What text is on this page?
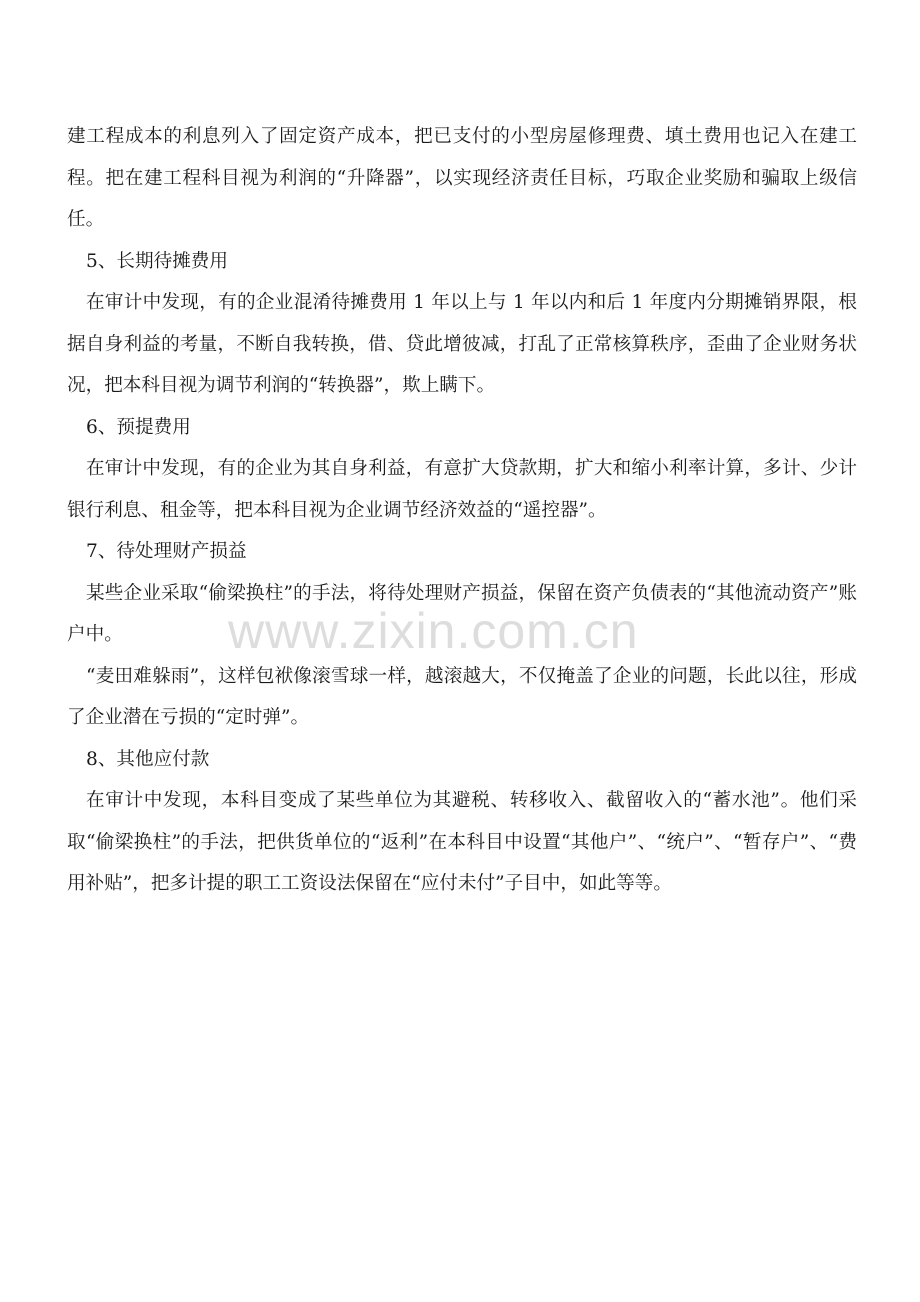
建工程成本的利息列入了固定资产成本，把已支付的小型房屋修理费、填土费用也记入在建工程。把在建工程科目视为利润的“升降器”，以实现经济责任目标，巧取企业奖励和骗取上级信任。

5、长期待摊费用

在审计中发现，有的企业混淆待摊费用 1 年以上与 1 年以内和后 1 年度内分期摊销界限，根据自身利益的考量，不断自我转换，借、贷此增彼减，打乱了正常核算秩序，歪曲了企业财务状况，把本科目视为调节利润的“转换器”，欺上瞒下。

6、预提费用

在审计中发现，有的企业为其自身利益，有意扩大贷款期，扩大和缩小利率计算，多计、少计银行利息、租金等，把本科目视为企业调节经济效益的“遥控器”。

7、待处理财产损益

某些企业采取“偷梁换柱”的手法，将待处理财产损益，保留在资产负债表的“其他流动资产”账户中。

“麦田难躲雨”，这样包袱像滚雪球一样，越滚越大，不仅掩盖了企业的问题，长此以往，形成了企业潜在亏损的“定时弹”。

8、其他应付款

在审计中发现，本科目变成了某些单位为其避税、转移收入、截留收入的“蓄水池”。他们采取“偷梁换柱”的手法，把供货单位的“返利”在本科目中设置“其他户”、“统户”、“暂存户”、“费用补贴”，把多计提的职工工资设法保留在“应付未付”子目中，如此等等。

www.zixin.com.cn
